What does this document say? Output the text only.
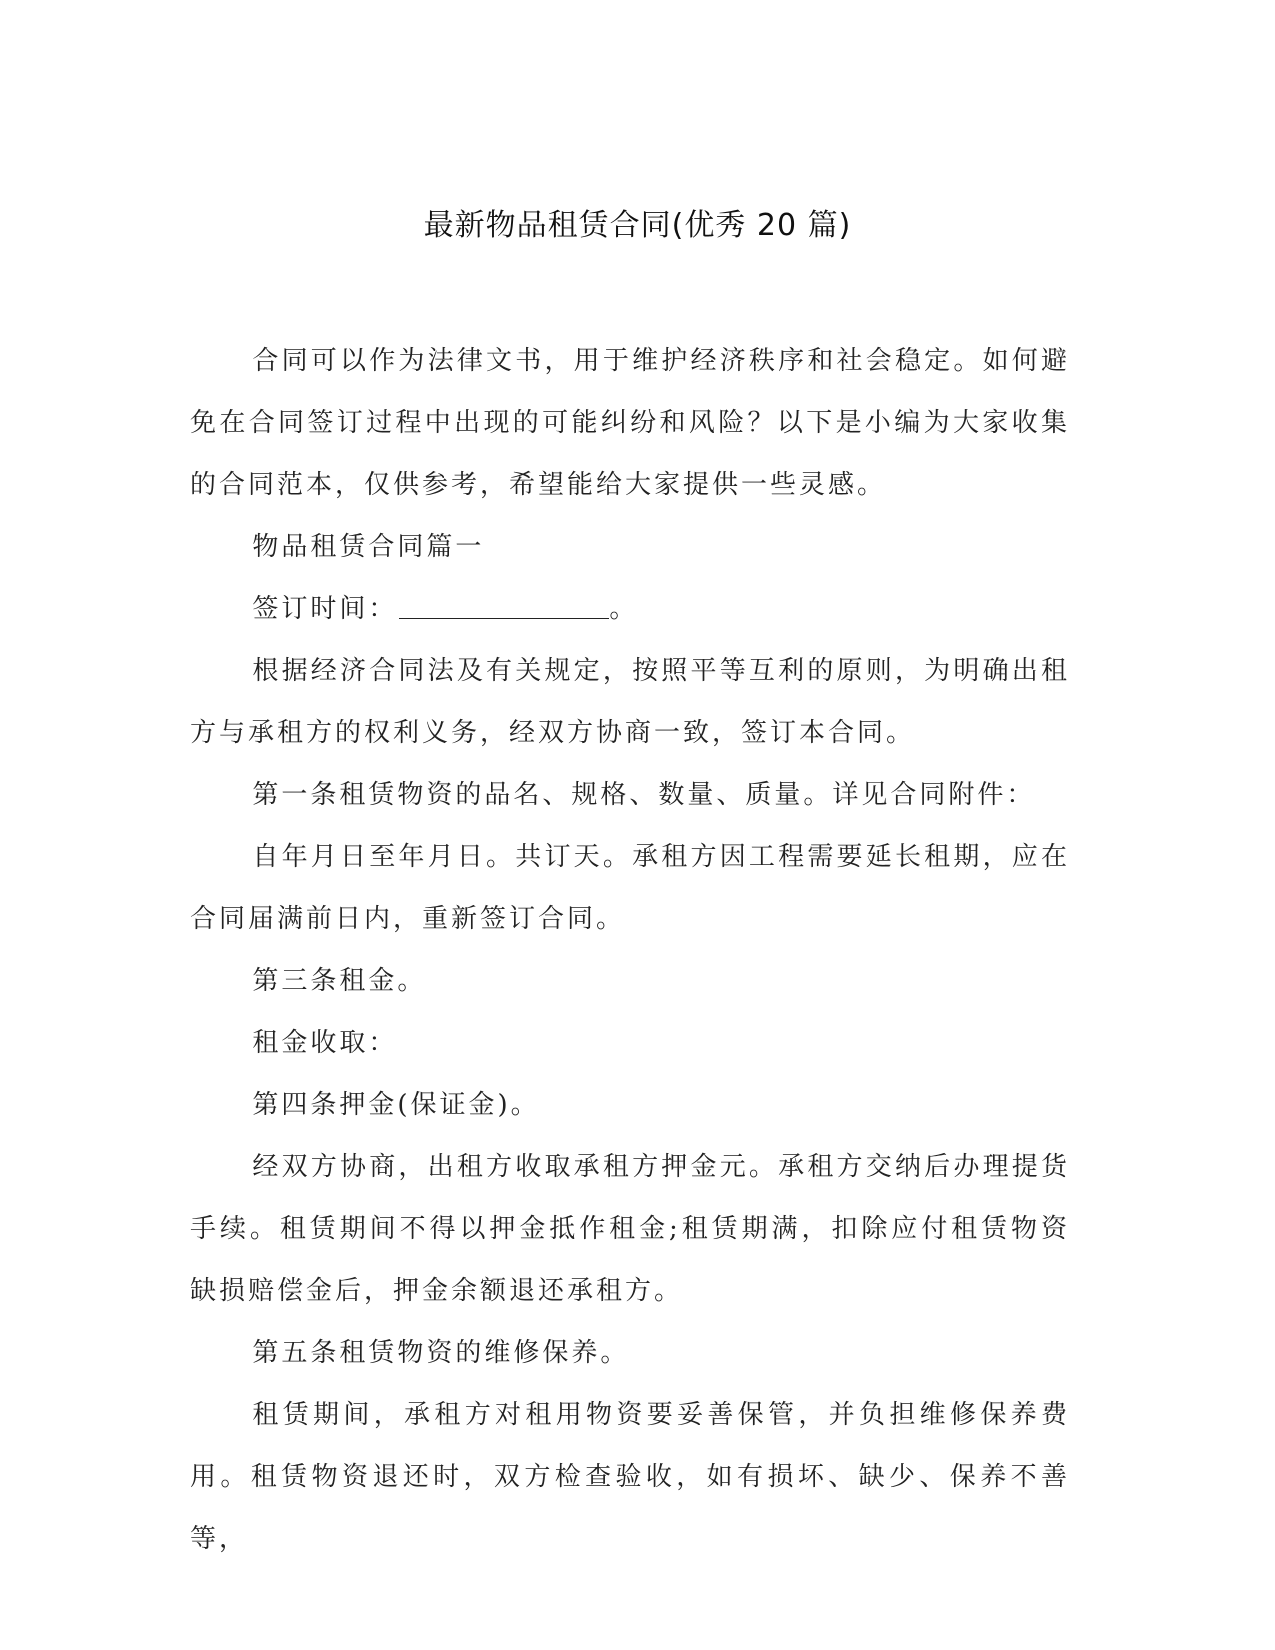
最新物品租赁合同(优秀 20 篇)

合同可以作为法律文书，用于维护经济秩序和社会稳定。如何避免在合同签订过程中出现的可能纠纷和风险？以下是小编为大家收集的合同范本，仅供参考，希望能给大家提供一些灵感。

物品租赁合同篇一

签订时间：	。

根据经济合同法及有关规定，按照平等互利的原则，为明确出租方与承租方的权利义务，经双方协商一致，签订本合同。

第一条租赁物资的品名、规格、数量、质量。详见合同附件：

自年月日至年月日。共订天。承租方因工程需要延长租期，应在合同届满前日内，重新签订合同。

第三条租金。

租金收取：

第四条押金(保证金)。

经双方协商，出租方收取承租方押金元。承租方交纳后办理提货手续。租赁期间不得以押金抵作租金;租赁期满，扣除应付租赁物资缺损赔偿金后，押金余额退还承租方。

第五条租赁物资的维修保养。

租赁期间，承租方对租用物资要妥善保管，并负担维修保养费用。租赁物资退还时，双方检查验收，如有损坏、缺少、保养不善等，
